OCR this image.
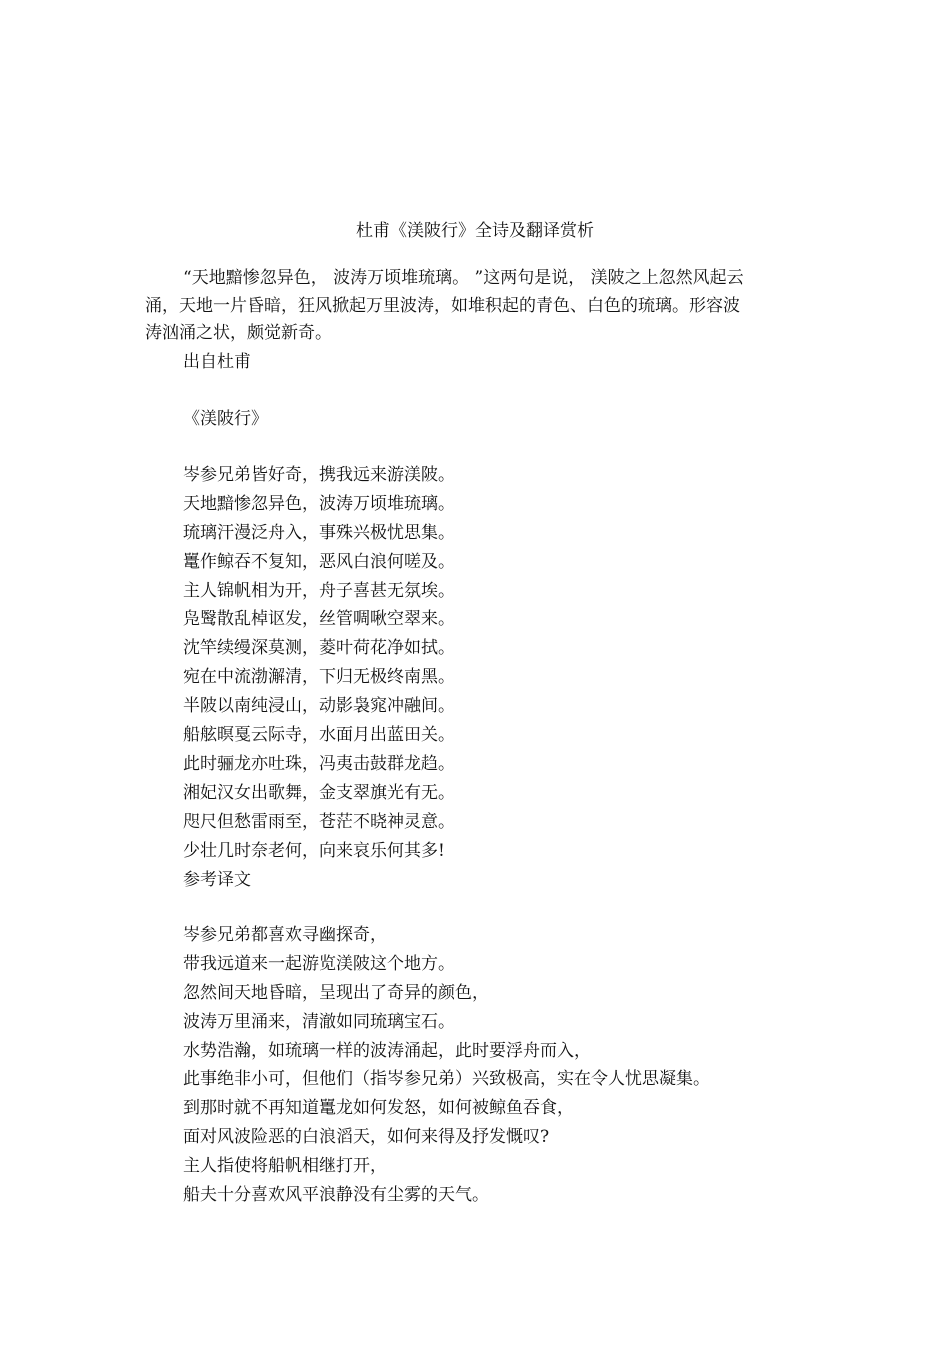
杜甫《渼陂行》全诗及翻译赏析
“天地黯惨忽异色， 波涛万顷堆琉璃。 ”这两句是说， 渼陂之上忽然风起云
涌，天地一片昏暗，狂风掀起万里波涛，如堆积起的青色、白色的琉璃。形容波
涛汹涌之状，颇觉新奇。
出自杜甫
《渼陂行》
岑参兄弟皆好奇，携我远来游渼陂。
天地黯惨忽异色，波涛万顷堆琉璃。
琉璃汗漫泛舟入，事殊兴极忧思集。
鼍作鲸吞不复知，恶风白浪何嗟及。
主人锦帆相为开，舟子喜甚无氛埃。
凫鹥散乱棹讴发，丝管啁啾空翠来。
沈竿续缦深莫测，菱叶荷花净如拭。
宛在中流渤澥清，下归无极终南黑。
半陂以南纯浸山，动影袅窕冲融间。
船舷暝戛云际寺，水面月出蓝田关。
此时骊龙亦吐珠，冯夷击鼓群龙趋。
湘妃汉女出歌舞，金支翠旗光有无。
咫尺但愁雷雨至，苍茫不晓神灵意。
少壮几时奈老何，向来哀乐何其多!
参考译文
岑参兄弟都喜欢寻幽探奇，
带我远道来一起游览渼陂这个地方。
忽然间天地昏暗，呈现出了奇异的颜色，
波涛万里涌来，清澈如同琉璃宝石。
水势浩瀚，如琉璃一样的波涛涌起，此时要浮舟而入，
此事绝非小可，但他们（指岑参兄弟）兴致极高，实在令人忧思凝集。
到那时就不再知道鼍龙如何发怒，如何被鲸鱼吞食，
面对风波险恶的白浪滔天，如何来得及抒发慨叹?
主人指使将船帆相继打开，
船夫十分喜欢风平浪静没有尘雾的天气。
